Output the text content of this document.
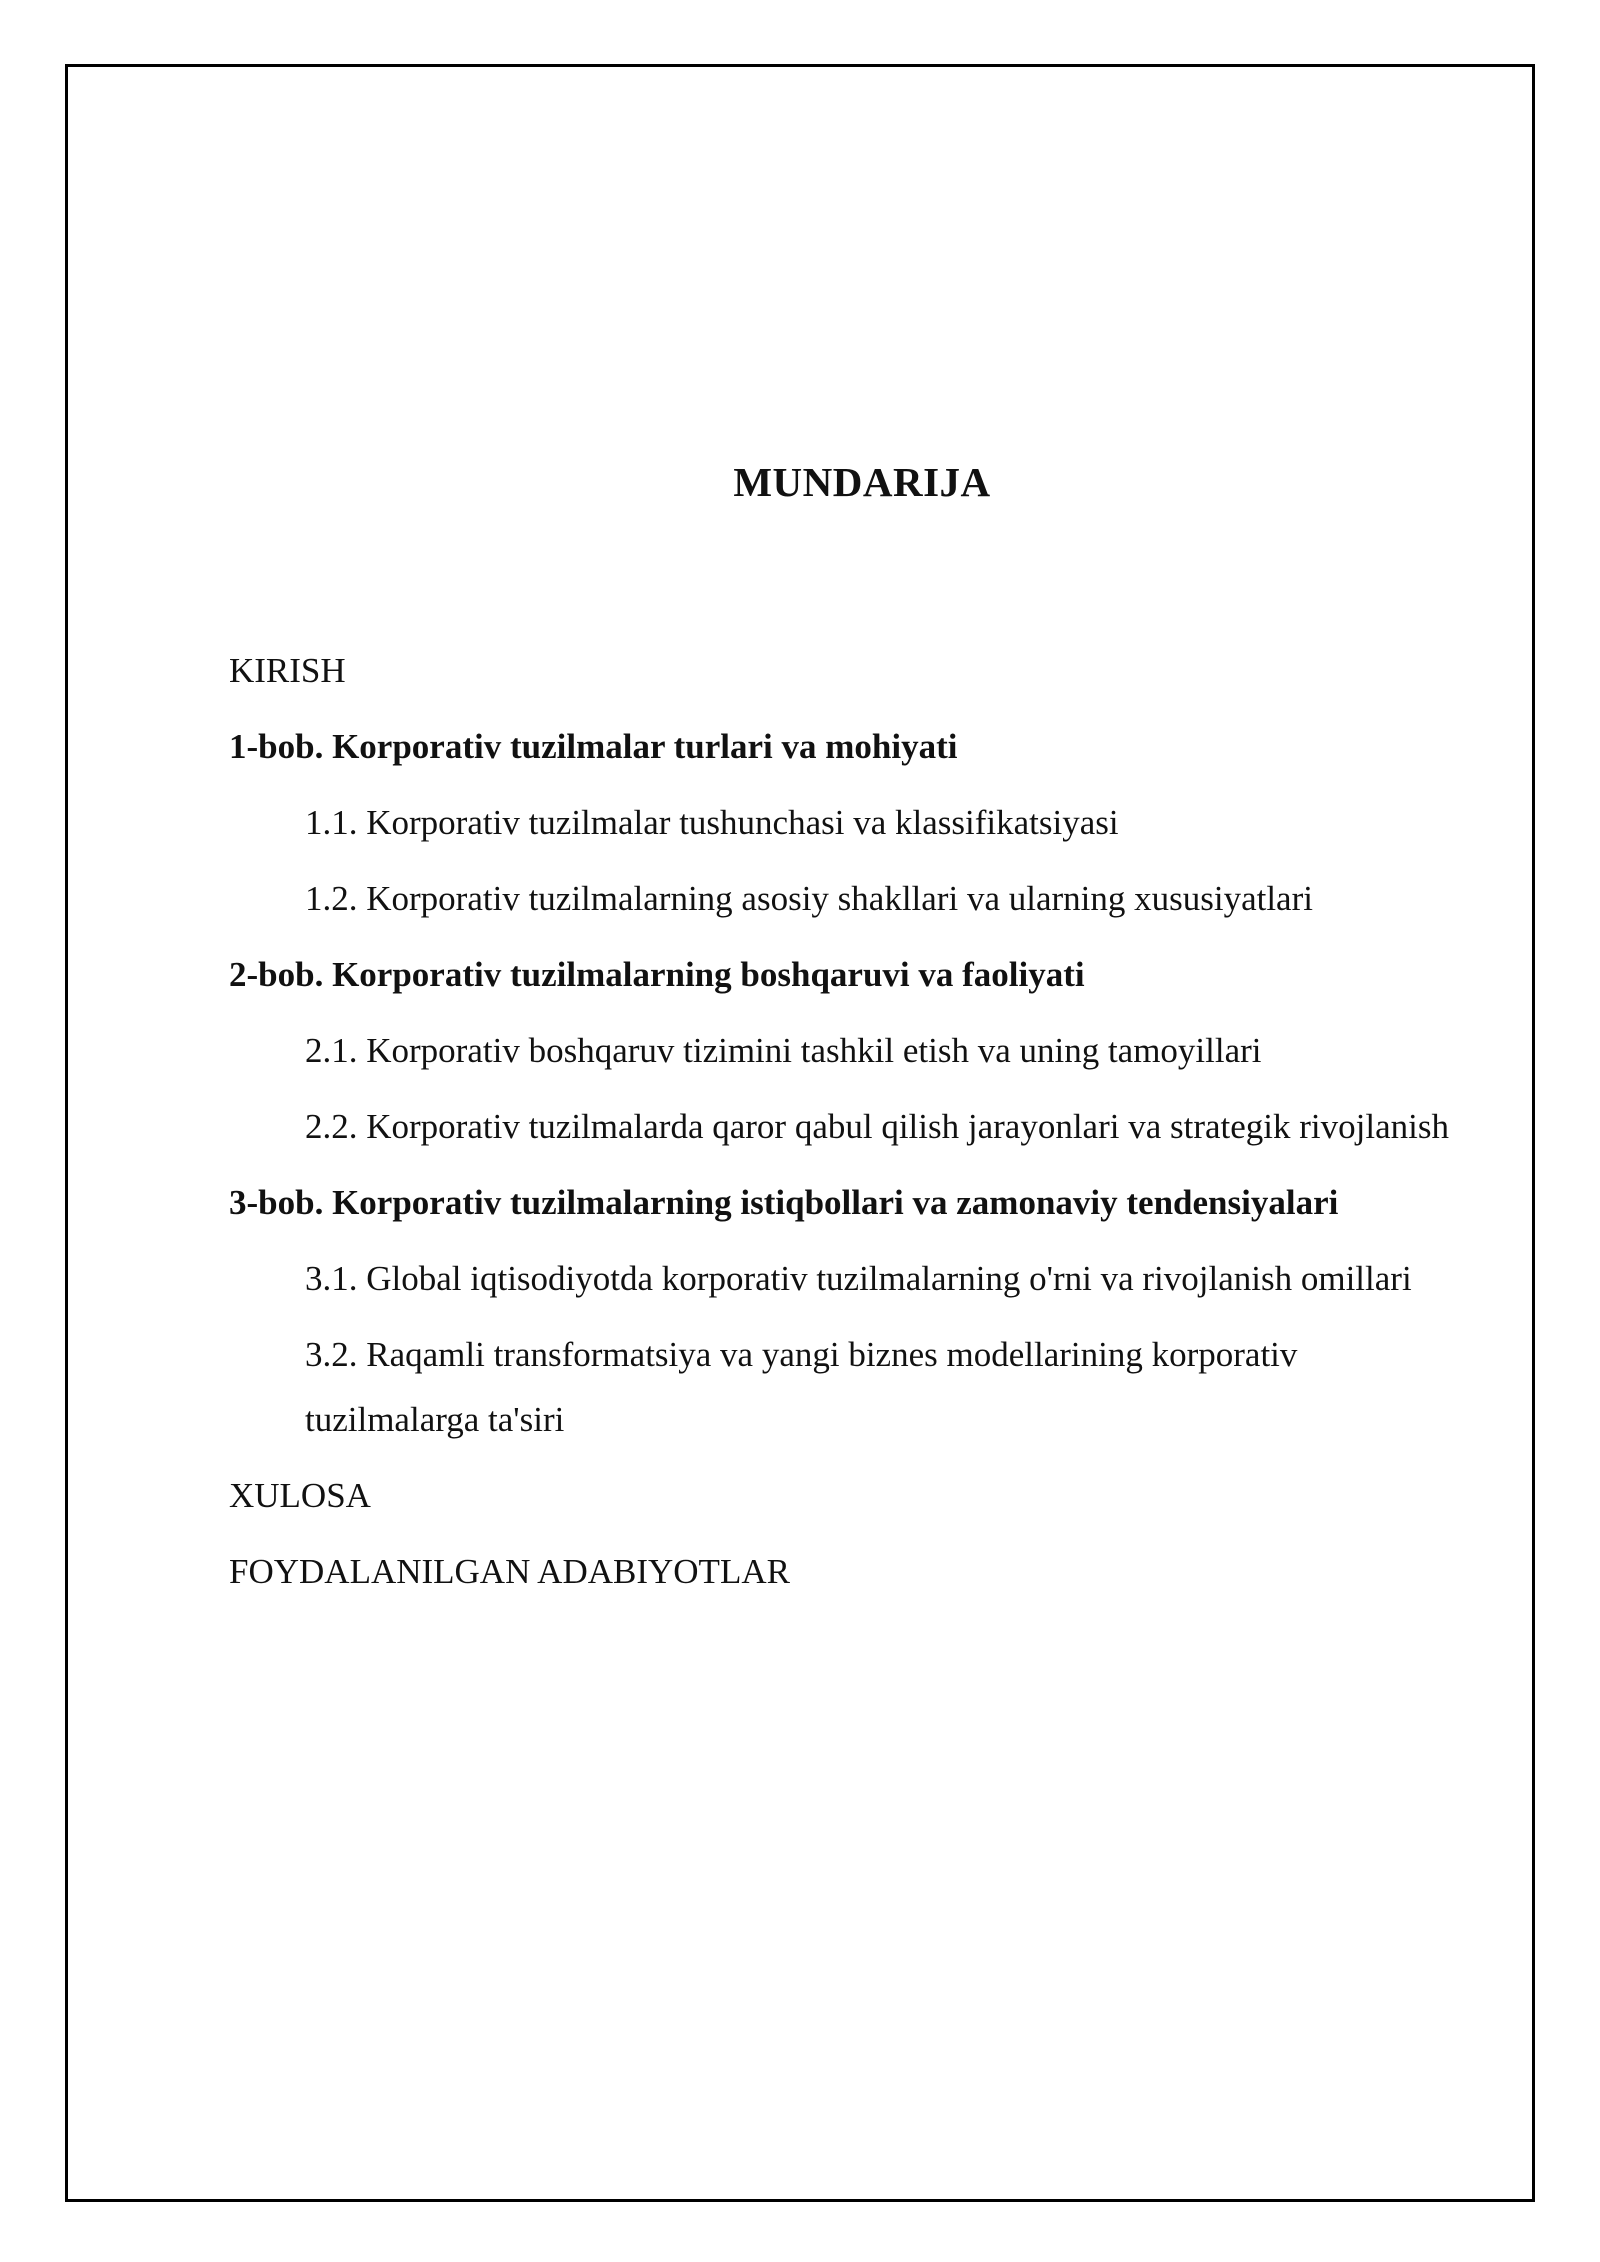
MUNDARIJA

KIRISH

1-bob. Korporativ tuzilmalar turlari va mohiyati

1.1. Korporativ tuzilmalar tushunchasi va klassifikatsiyasi

1.2. Korporativ tuzilmalarning asosiy shakllari va ularning xususiyatlari

2-bob. Korporativ tuzilmalarning boshqaruvi va faoliyati

2.1. Korporativ boshqaruv tizimini tashkil etish va uning tamoyillari

2.2. Korporativ tuzilmalarda qaror qabul qilish jarayonlari va strategik rivojlanish

3-bob. Korporativ tuzilmalarning istiqbollari va zamonaviy tendensiyalari

3.1. Global iqtisodiyotda korporativ tuzilmalarning o'rni va rivojlanish omillari

3.2. Raqamli transformatsiya va yangi biznes modellarining korporativ tuzilmalarga ta'siri

XULOSA

FOYDALANILGAN ADABIYOTLAR
